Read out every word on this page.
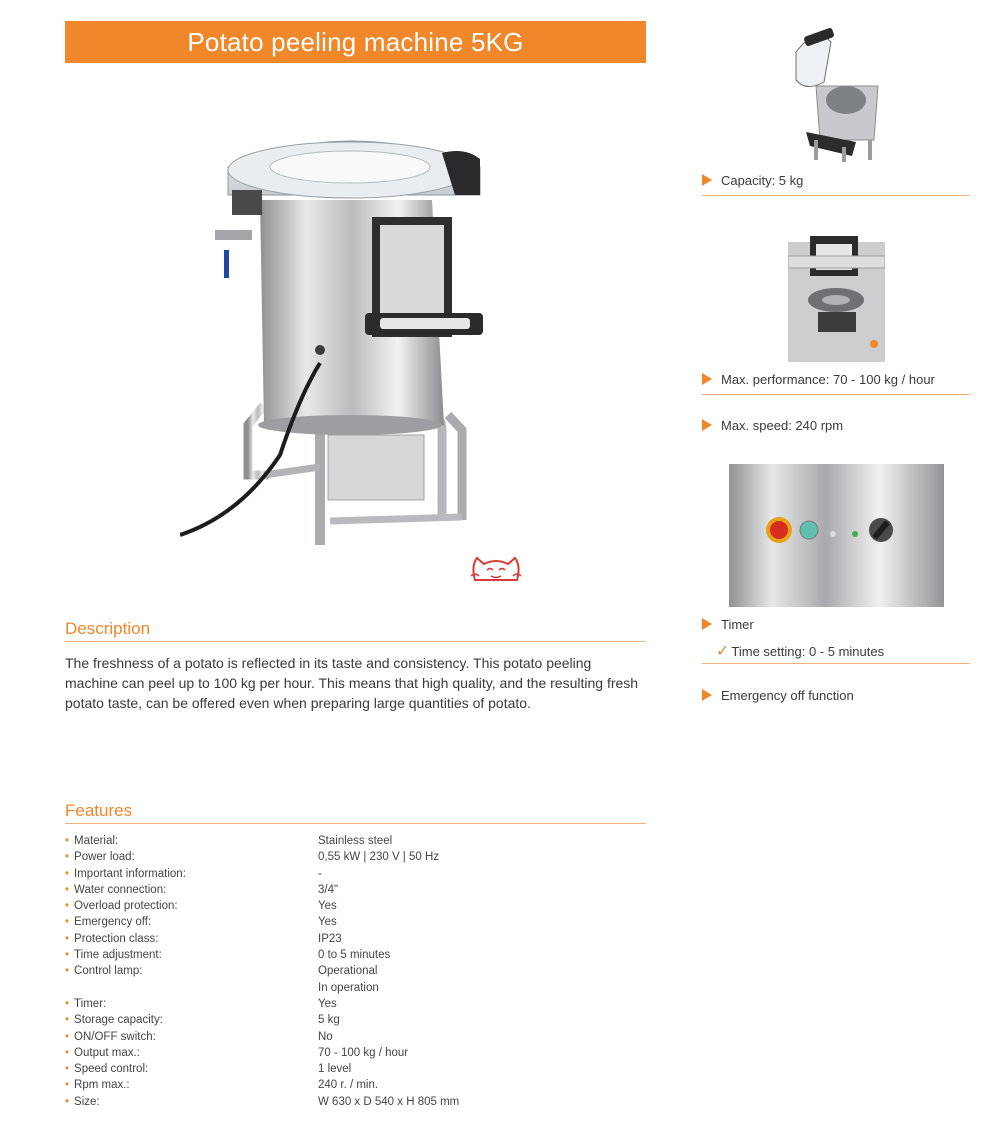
Potato peeling machine 5KG
Description
The freshness of a potato is reflected in its taste and consistency. This potato peeling machine can peel up to 100 kg per hour. This means that high quality, and the resulting fresh potato taste, can be offered even when preparing large quantities of potato.
Features
• Material:	Stainless steel
• Power load:	0,55 kW | 230 V | 50 Hz
• Important information:	-
• Water connection:	3/4"
• Overload protection:	Yes
• Emergency off:	Yes
• Protection class:	IP23
• Time adjustment:	0 to 5 minutes
• Control lamp:	Operational
	In operation
• Timer:	Yes
• Storage capacity:	5 kg
• ON/OFF switch:	No
• Output max.:	70 - 100 kg / hour
• Speed control:	1 level
• Rpm max.:	240 r. / min.
• Size:	W 630 x D 540 x H 805 mm
Capacity: 5 kg
Max. performance: 70 - 100 kg / hour
Max. speed: 240 rpm
Timer
✓ Time setting: 0 - 5 minutes
Emergency off function
